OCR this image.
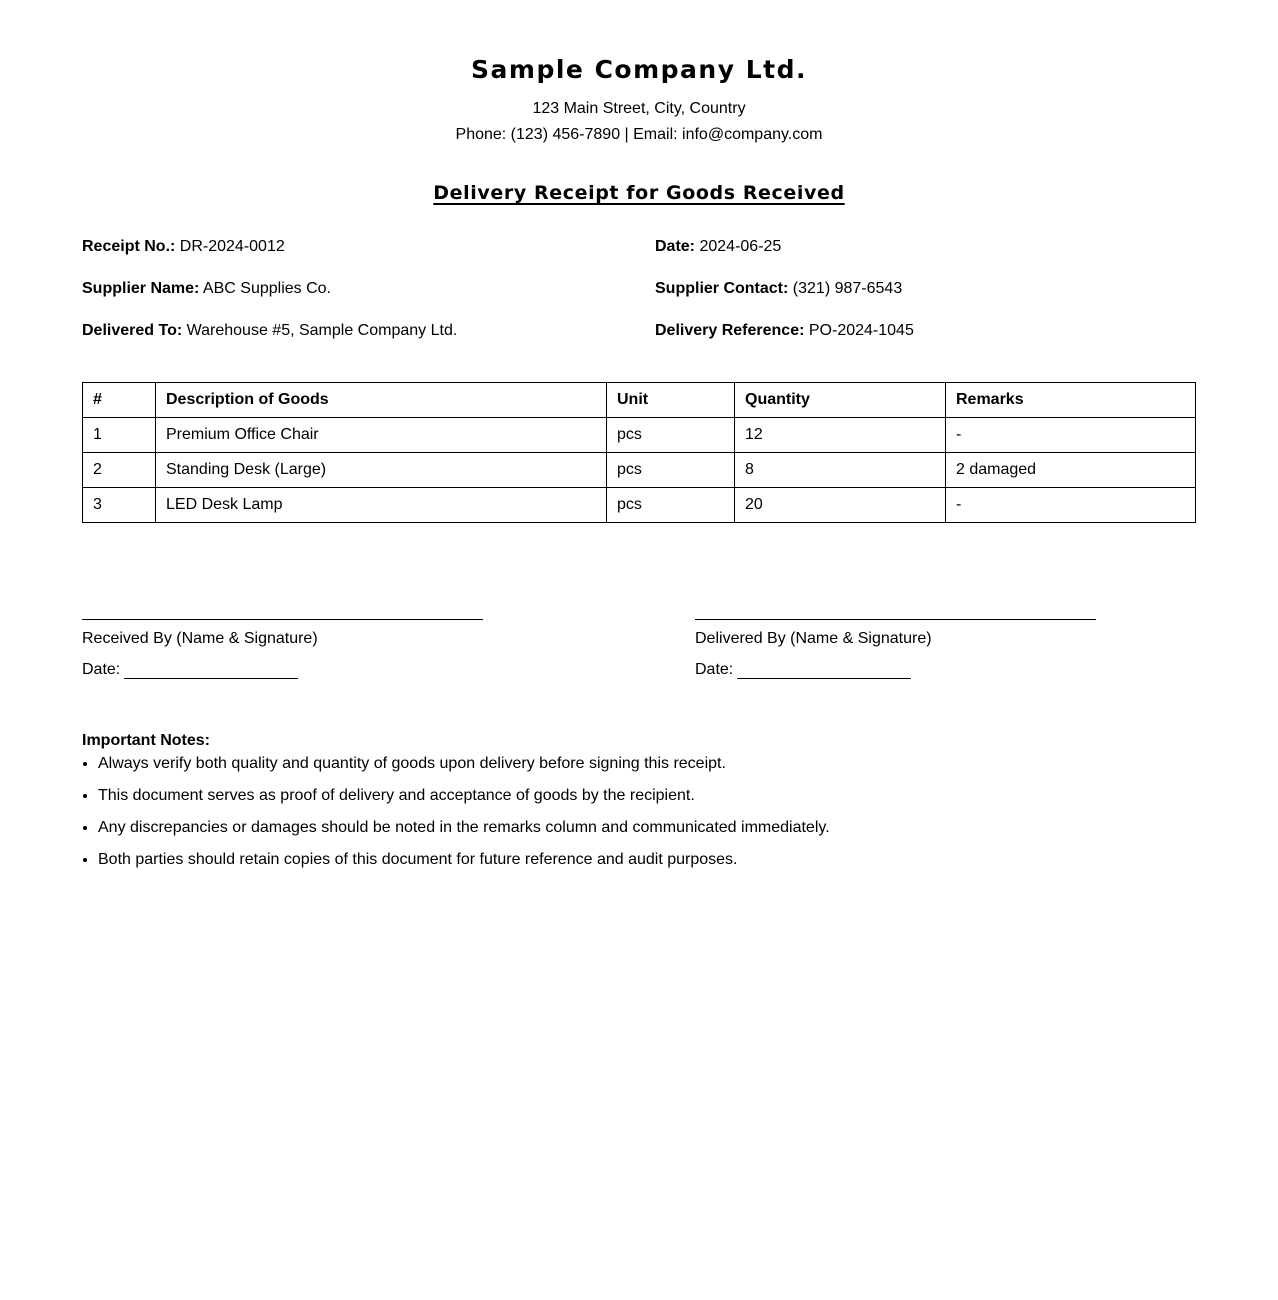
Sample Company Ltd.
123 Main Street, City, Country
Phone: (123) 456-7890 | Email: info@company.com
Delivery Receipt for Goods Received
Receipt No.: DR-2024-0012	Date: 2024-06-25
Supplier Name: ABC Supplies Co.	Supplier Contact: (321) 987-6543
Delivered To: Warehouse #5, Sample Company Ltd.	Delivery Reference: PO-2024-1045
#	Description of Goods	Unit	Quantity	Remarks
1	Premium Office Chair	pcs	12	-
2	Standing Desk (Large)	pcs	8	2 damaged
3	LED Desk Lamp	pcs	20	-
Received By (Name & Signature)
Date:
Delivered By (Name & Signature)
Date:
Important Notes:
• Always verify both quality and quantity of goods upon delivery before signing this receipt.
• This document serves as proof of delivery and acceptance of goods by the recipient.
• Any discrepancies or damages should be noted in the remarks column and communicated immediately.
• Both parties should retain copies of this document for future reference and audit purposes.
